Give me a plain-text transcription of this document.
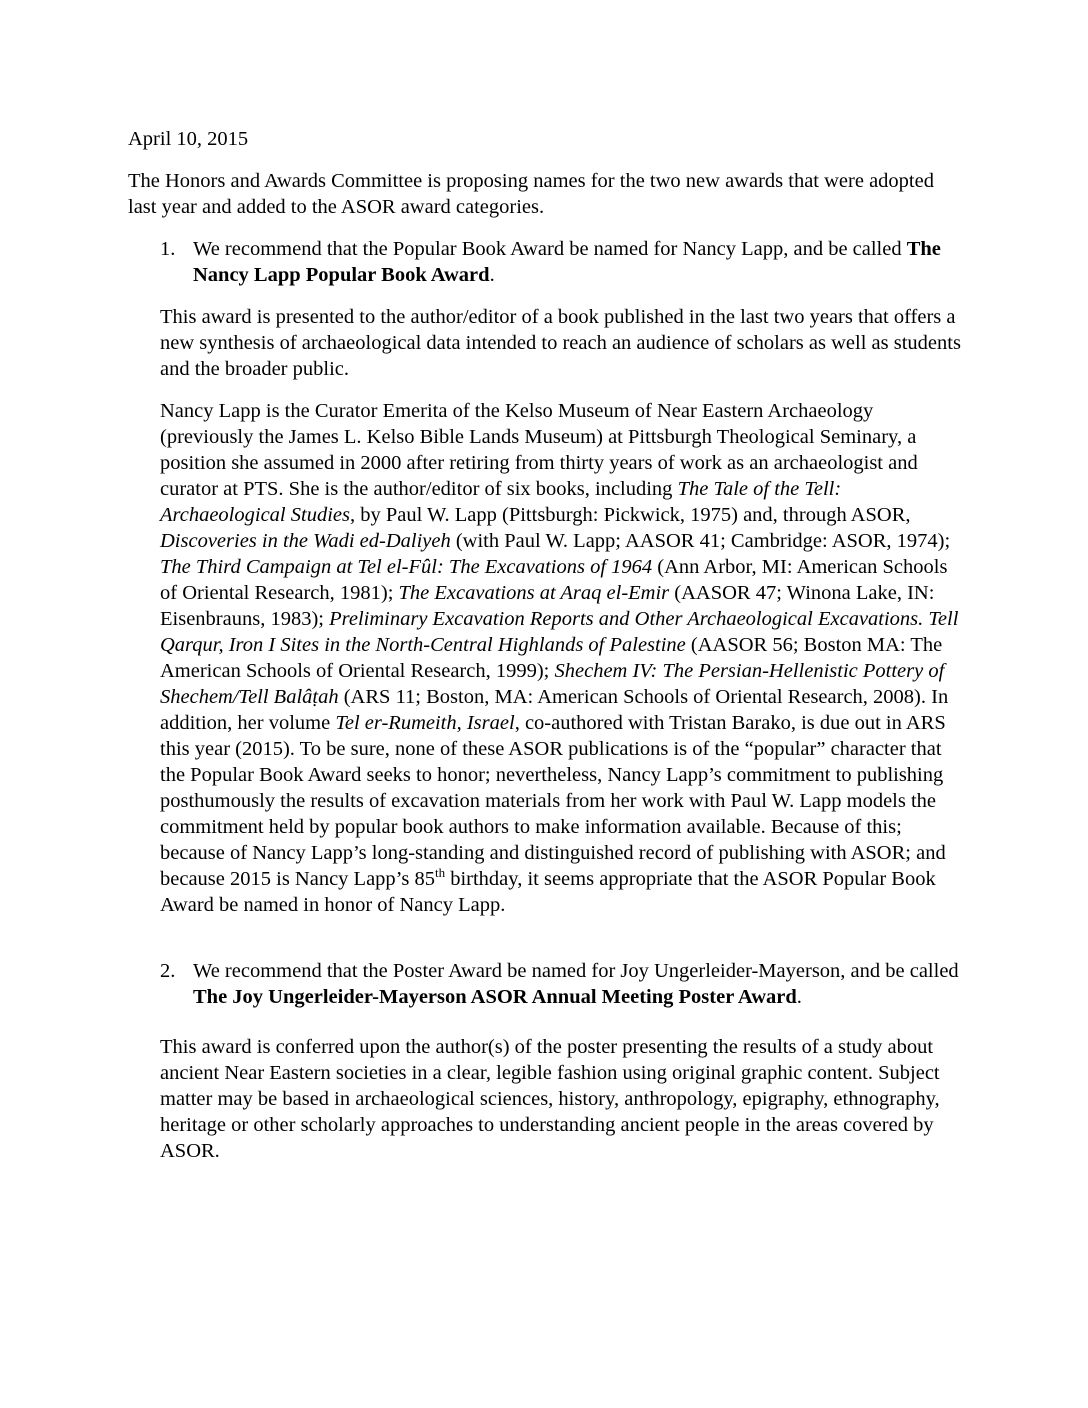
April 10, 2015

The Honors and Awards Committee is proposing names for the two new awards that were adopted last year and added to the ASOR award categories.

1. We recommend that the Popular Book Award be named for Nancy Lapp, and be called The Nancy Lapp Popular Book Award.

This award is presented to the author/editor of a book published in the last two years that offers a new synthesis of archaeological data intended to reach an audience of scholars as well as students and the broader public.

Nancy Lapp is the Curator Emerita of the Kelso Museum of Near Eastern Archaeology (previously the James L. Kelso Bible Lands Museum) at Pittsburgh Theological Seminary, a position she assumed in 2000 after retiring from thirty years of work as an archaeologist and curator at PTS. She is the author/editor of six books, including The Tale of the Tell: Archaeological Studies, by Paul W. Lapp (Pittsburgh: Pickwick, 1975) and, through ASOR, Discoveries in the Wadi ed-Daliyeh (with Paul W. Lapp; AASOR 41; Cambridge: ASOR, 1974); The Third Campaign at Tel el-Fûl: The Excavations of 1964 (Ann Arbor, MI: American Schools of Oriental Research, 1981); The Excavations at Araq el-Emir (AASOR 47; Winona Lake, IN: Eisenbrauns, 1983); Preliminary Excavation Reports and Other Archaeological Excavations. Tell Qarqur, Iron I Sites in the North-Central Highlands of Palestine (AASOR 56; Boston MA: The American Schools of Oriental Research, 1999); Shechem IV: The Persian-Hellenistic Pottery of Shechem/Tell Balâṭah (ARS 11; Boston, MA: American Schools of Oriental Research, 2008). In addition, her volume Tel er-Rumeith, Israel, co-authored with Tristan Barako, is due out in ARS this year (2015). To be sure, none of these ASOR publications is of the “popular” character that the Popular Book Award seeks to honor; nevertheless, Nancy Lapp’s commitment to publishing posthumously the results of excavation materials from her work with Paul W. Lapp models the commitment held by popular book authors to make information available. Because of this; because of Nancy Lapp’s long-standing and distinguished record of publishing with ASOR; and because 2015 is Nancy Lapp’s 85th birthday, it seems appropriate that the ASOR Popular Book Award be named in honor of Nancy Lapp.

2. We recommend that the Poster Award be named for Joy Ungerleider-Mayerson, and be called The Joy Ungerleider-Mayerson ASOR Annual Meeting Poster Award.

This award is conferred upon the author(s) of the poster presenting the results of a study about ancient Near Eastern societies in a clear, legible fashion using original graphic content. Subject matter may be based in archaeological sciences, history, anthropology, epigraphy, ethnography, heritage or other scholarly approaches to understanding ancient people in the areas covered by ASOR.
